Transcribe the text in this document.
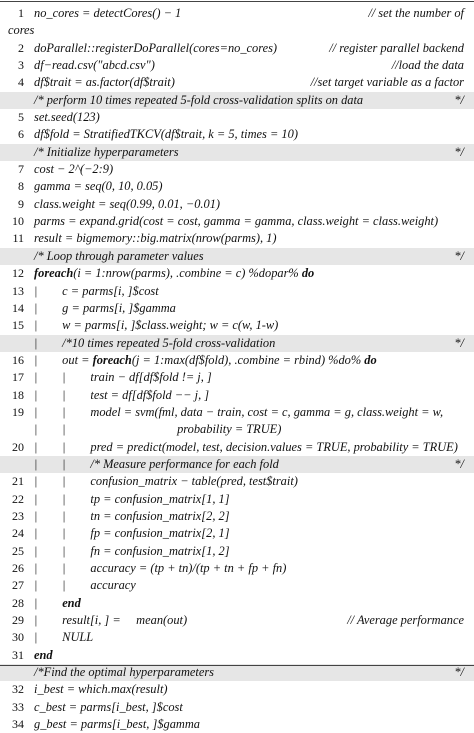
1 no_cores = detectCores() − 1	// set the number of
cores
2 doParallel::registerDoParallel(cores=no_cores)	// register parallel backend
3 df−read.csv("abcd.csv")	//load the data
4 df$trait = as.factor(df$trait)	//set target variable as a factor
/* perform 10 times repeated 5-fold cross-validation splits on data	*/
5 set.seed(123)
6 df$fold = StratifiedTKCV(df$trait, k = 5, times = 10)
/* Initialize hyperparameters	*/
7 cost − 2^(−2:9)
8 gamma = seq(0, 10, 0.05)
9 class.weight = seq(0.99, 0.01, −0.01)
10 parms = expand.grid(cost = cost, gamma = gamma, class.weight = class.weight)
11 result = bigmemory::big.matrix(nrow(parms), 1)
/* Loop through parameter values	*/
12 foreach(i = 1:nrow(parms), .combine = c) %dopar% do
13 |        c = parms[i, ]$cost
14 |        g = parms[i, ]$gamma
15 |        w = parms[i, ]$class.weight; w = c(w, 1-w)
|        /*10 times repeated 5-fold cross-validation	*/
16 |        out = foreach(j = 1:max(df$fold), .combine = rbind) %do% do
17 |        |        train − df[df$fold != j, ]
18 |        |        test = df[df$fold −− j, ]
19 |        |        model = svm(fml, data − train, cost = c, gamma = g, class.weight = w,
|        |                                    probability = TRUE)
20 |        |        pred = predict(model, test, decision.values = TRUE, probability = TRUE)
|        |        /* Measure performance for each fold	*/
21 |        |        confusion_matrix − table(pred, test$trait)
22 |        |        tp = confusion_matrix[1, 1]
23 |        |        tn = confusion_matrix[2, 2]
24 |        |        fp = confusion_matrix[2, 1]
25 |        |        fn = confusion_matrix[1, 2]
26 |        |        accuracy = (tp + tn)/(tp + tn + fp + fn)
27 |        |        accuracy
28 |        end
29 |        result[i, ] =     mean(out)	// Average performance
30 |        NULL
31 end
/*Find the optimal hyperparameters	*/
32 i_best = which.max(result)
33 c_best = parms[i_best, ]$cost
34 g_best = parms[i_best, ]$gamma
